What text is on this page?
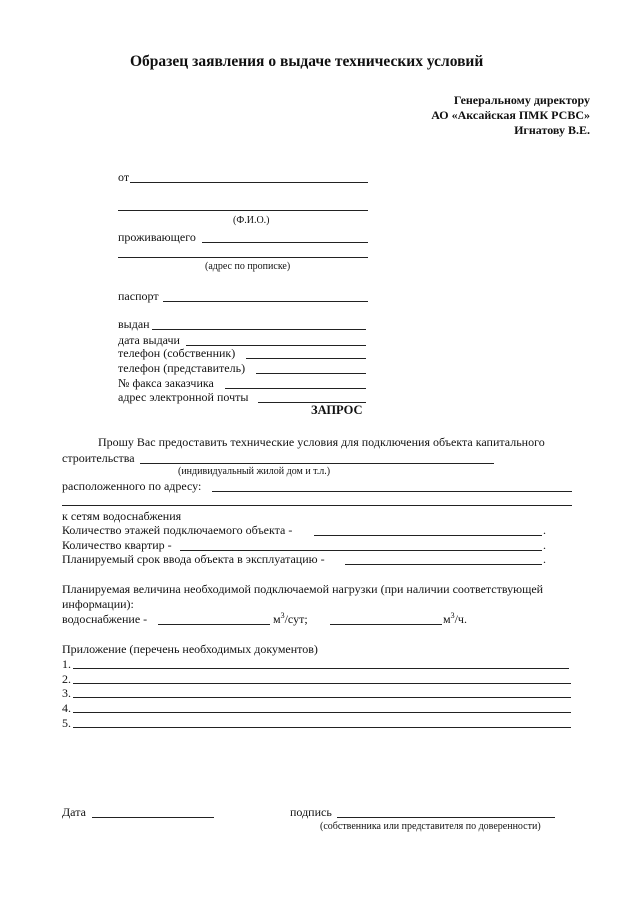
Образец заявления о выдаче технических условий
Генеральному директору
АО «Аксайская ПМК РСВС»
Игнатову В.Е.
от
(Ф.И.О.)
проживающего
(адрес по прописке)
паспорт
выдан
дата выдачи
телефон (собственник)
телефон (представитель)
№ факса заказчика
адрес электронной почты
ЗАПРОС
Прошу Вас предоставить технические условия для подключения объекта капитального
строительства
(индивидуальный жилой дом и т.л.)
расположенного по адресу:
к сетям водоснабжения
Количество этажей подключаемого объекта -	.
Количество квартир -	.
Планируемый срок ввода объекта в эксплуатацию -	.
Планируемая величина необходимой подключаемой нагрузки (при наличии соответствующей
информации):
водоснабжение -	$м^3$/сут;	$м^3/ч$.
Приложение (перечень необходимых документов)
1.
2.
3.
4.
5.
Дата	подпись
(собственника или представителя по доверенности)
